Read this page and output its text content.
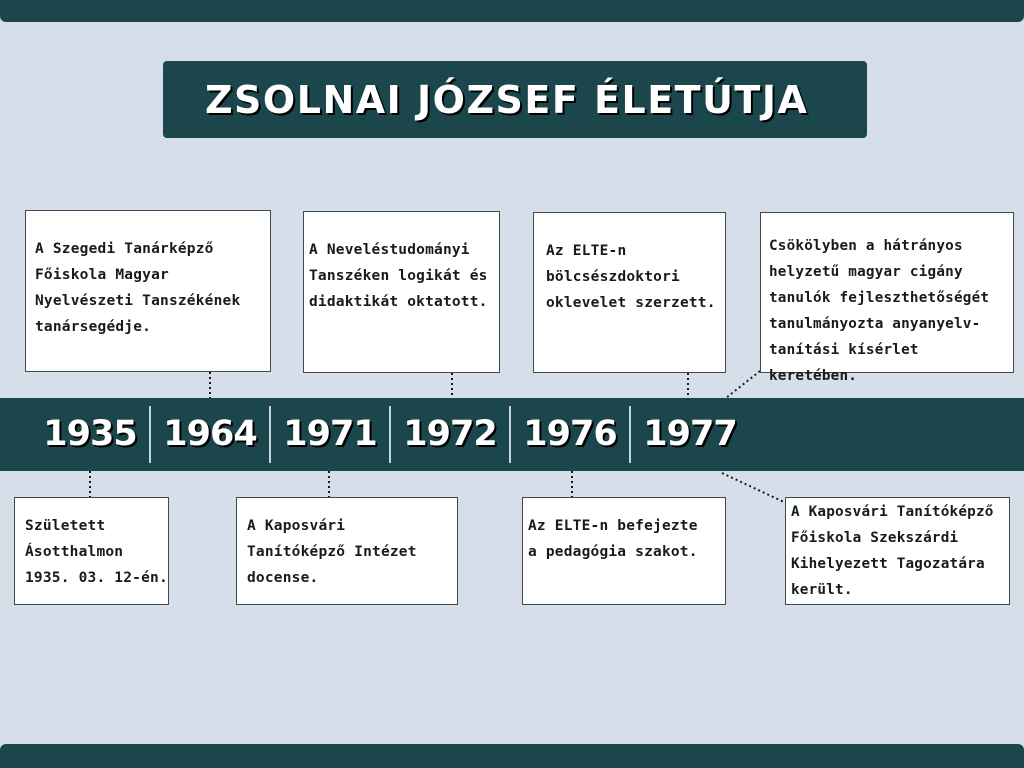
ZSOLNAI JÓZSEF ÉLETÚTJA
1935 1964 1971 1972 1976 1977
A Szegedi Tanárképző
Főiskola Magyar
Nyelvészeti Tanszékének
tanársegédje.
A Neveléstudományi
Tanszéken logikát és
didaktikát oktatott.
Az ELTE-n
bölcsészdoktori
oklevelet szerzett.
Csökölyben a hátrányos
helyzetű magyar cigány
tanulók fejleszthetőségét
tanulmányozta anyanyelv-
tanítási kísérlet keretében.
Született
Ásotthalmon
1935. 03. 12-én.
A Kaposvári
Tanítóképző Intézet
docense.
Az ELTE-n befejezte
a pedagógia szakot.
A Kaposvári Tanítóképző
Főiskola Szekszárdi
Kihelyezett Tagozatára
került.
